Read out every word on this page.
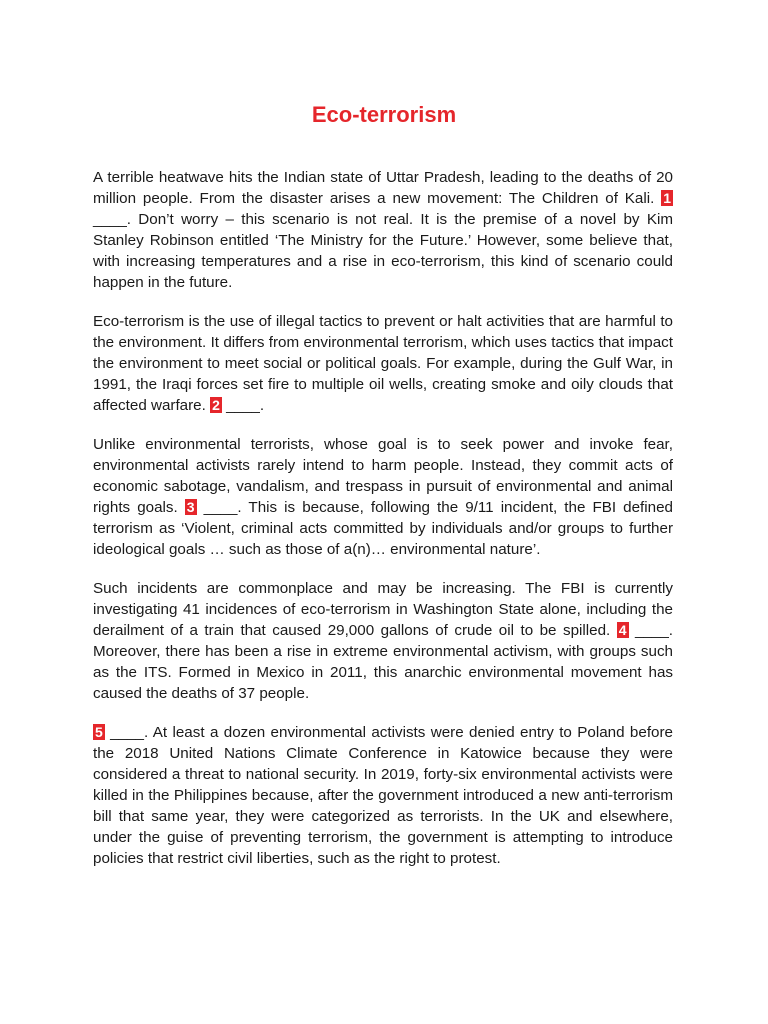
Eco-terrorism

A terrible heatwave hits the Indian state of Uttar Pradesh, leading to the deaths of 20 million people. From the disaster arises a new movement: The Children of Kali. 1 ____. Don’t worry – this scenario is not real. It is the premise of a novel by Kim Stanley Robinson entitled ‘The Ministry for the Future.’ However, some believe that, with increasing temperatures and a rise in eco-terrorism, this kind of scenario could happen in the future.

Eco-terrorism is the use of illegal tactics to prevent or halt activities that are harmful to the environment. It differs from environmental terrorism, which uses tactics that impact the environment to meet social or political goals. For example, during the Gulf War, in 1991, the Iraqi forces set fire to multiple oil wells, creating smoke and oily clouds that affected warfare. 2 ____.

Unlike environmental terrorists, whose goal is to seek power and invoke fear, environmental activists rarely intend to harm people. Instead, they commit acts of economic sabotage, vandalism, and trespass in pursuit of environmental and animal rights goals. 3 ____. This is because, following the 9/11 incident, the FBI defined terrorism as ‘Violent, criminal acts committed by individuals and/or groups to further ideological goals … such as those of a(n)… environmental nature’.

Such incidents are commonplace and may be increasing. The FBI is currently investigating 41 incidences of eco-terrorism in Washington State alone, including the derailment of a train that caused 29,000 gallons of crude oil to be spilled. 4 ____. Moreover, there has been a rise in extreme environmental activism, with groups such as the ITS. Formed in Mexico in 2011, this anarchic environmental movement has caused the deaths of 37 people.

5 ____. At least a dozen environmental activists were denied entry to Poland before the 2018 United Nations Climate Conference in Katowice because they were considered a threat to national security. In 2019, forty-six environmental activists were killed in the Philippines because, after the government introduced a new anti-terrorism bill that same year, they were categorized as terrorists. In the UK and elsewhere, under the guise of preventing terrorism, the government is attempting to introduce policies that restrict civil liberties, such as the right to protest.
